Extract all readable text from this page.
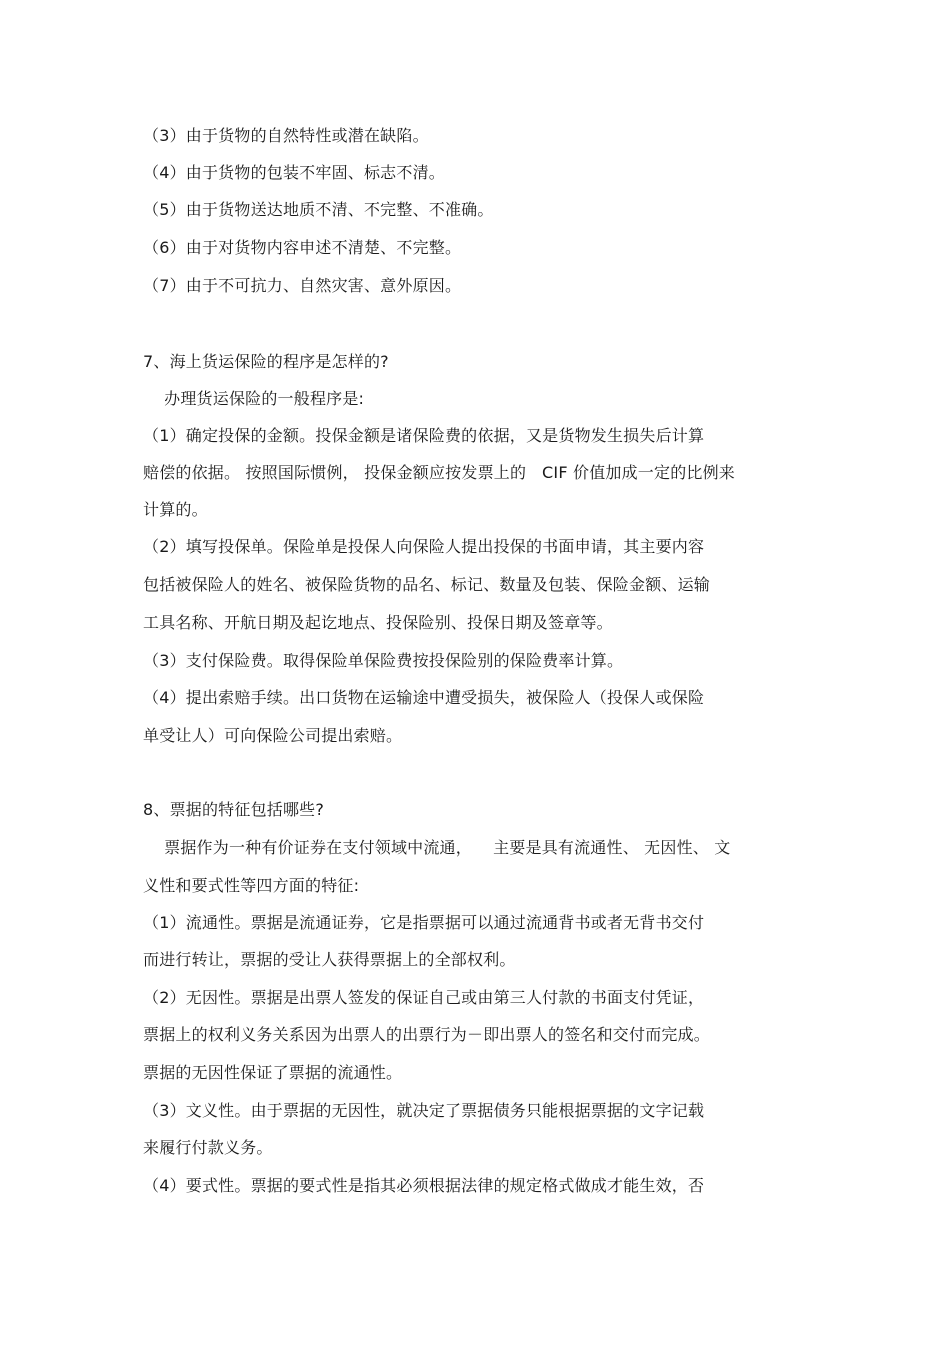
（3）由于货物的自然特性或潜在缺陷。
（4）由于货物的包装不牢固、标志不清。
（5）由于货物送达地质不清、不完整、不准确。
（6）由于对货物内容申述不清楚、不完整。
（7）由于不可抗力、自然灾害、意外原因。
7、海上货运保险的程序是怎样的?
办理货运保险的一般程序是:
（1）确定投保的金额。投保金额是诸保险费的依据，又是货物发生损失后计算
赔偿的依据。 按照国际惯例， 投保金额应按发票上的   CIF 价值加成一定的比例来
计算的。
（2）填写投保单。保险单是投保人向保险人提出投保的书面申请，其主要内容
包括被保险人的姓名、被保险货物的品名、标记、数量及包装、保险金额、运输
工具名称、开航日期及起讫地点、投保险别、投保日期及签章等。
（3）支付保险费。取得保险单保险费按投保险别的保险费率计算。
（4）提出索赔手续。出口货物在运输途中遭受损失，被保险人（投保人或保险
单受让人）可向保险公司提出索赔。
8、票据的特征包括哪些?
票据作为一种有价证券在支付领域中流通，    主要是具有流通性、 无因性、 文
义性和要式性等四方面的特征:
（1）流通性。票据是流通证券，它是指票据可以通过流通背书或者无背书交付
而进行转让，票据的受让人获得票据上的全部权利。
（2）无因性。票据是出票人签发的保证自己或由第三人付款的书面支付凭证，
票据上的权利义务关系因为出票人的出票行为－即出票人的签名和交付而完成。
票据的无因性保证了票据的流通性。
（3）文义性。由于票据的无因性，就决定了票据债务只能根据票据的文字记载
来履行付款义务。
（4）要式性。票据的要式性是指其必须根据法律的规定格式做成才能生效，否
